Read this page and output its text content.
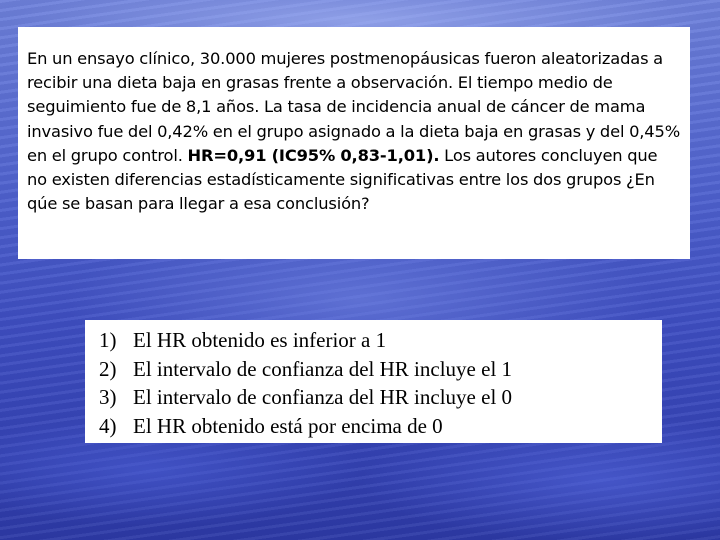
En un ensayo clínico, 30.000 mujeres postmenopáusicas fueron aleatorizadas a recibir una dieta baja en grasas frente a observación. El tiempo medio de seguimiento fue de 8,1 años. La tasa de incidencia anual de cáncer de mama invasivo fue del 0,42% en el grupo asignado a la dieta baja en grasas y del 0,45% en el grupo control. HR=0,91 (IC95% 0,83-1,01). Los autores concluyen que no existen diferencias estadísticamente significativas entre los dos grupos ¿En qúe se basan para llegar a esa conclusión?

1) El HR obtenido es inferior a 1
2) El intervalo de confianza del HR incluye el 1
3) El intervalo de confianza del HR incluye el 0
4) El HR obtenido está por encima de 0
